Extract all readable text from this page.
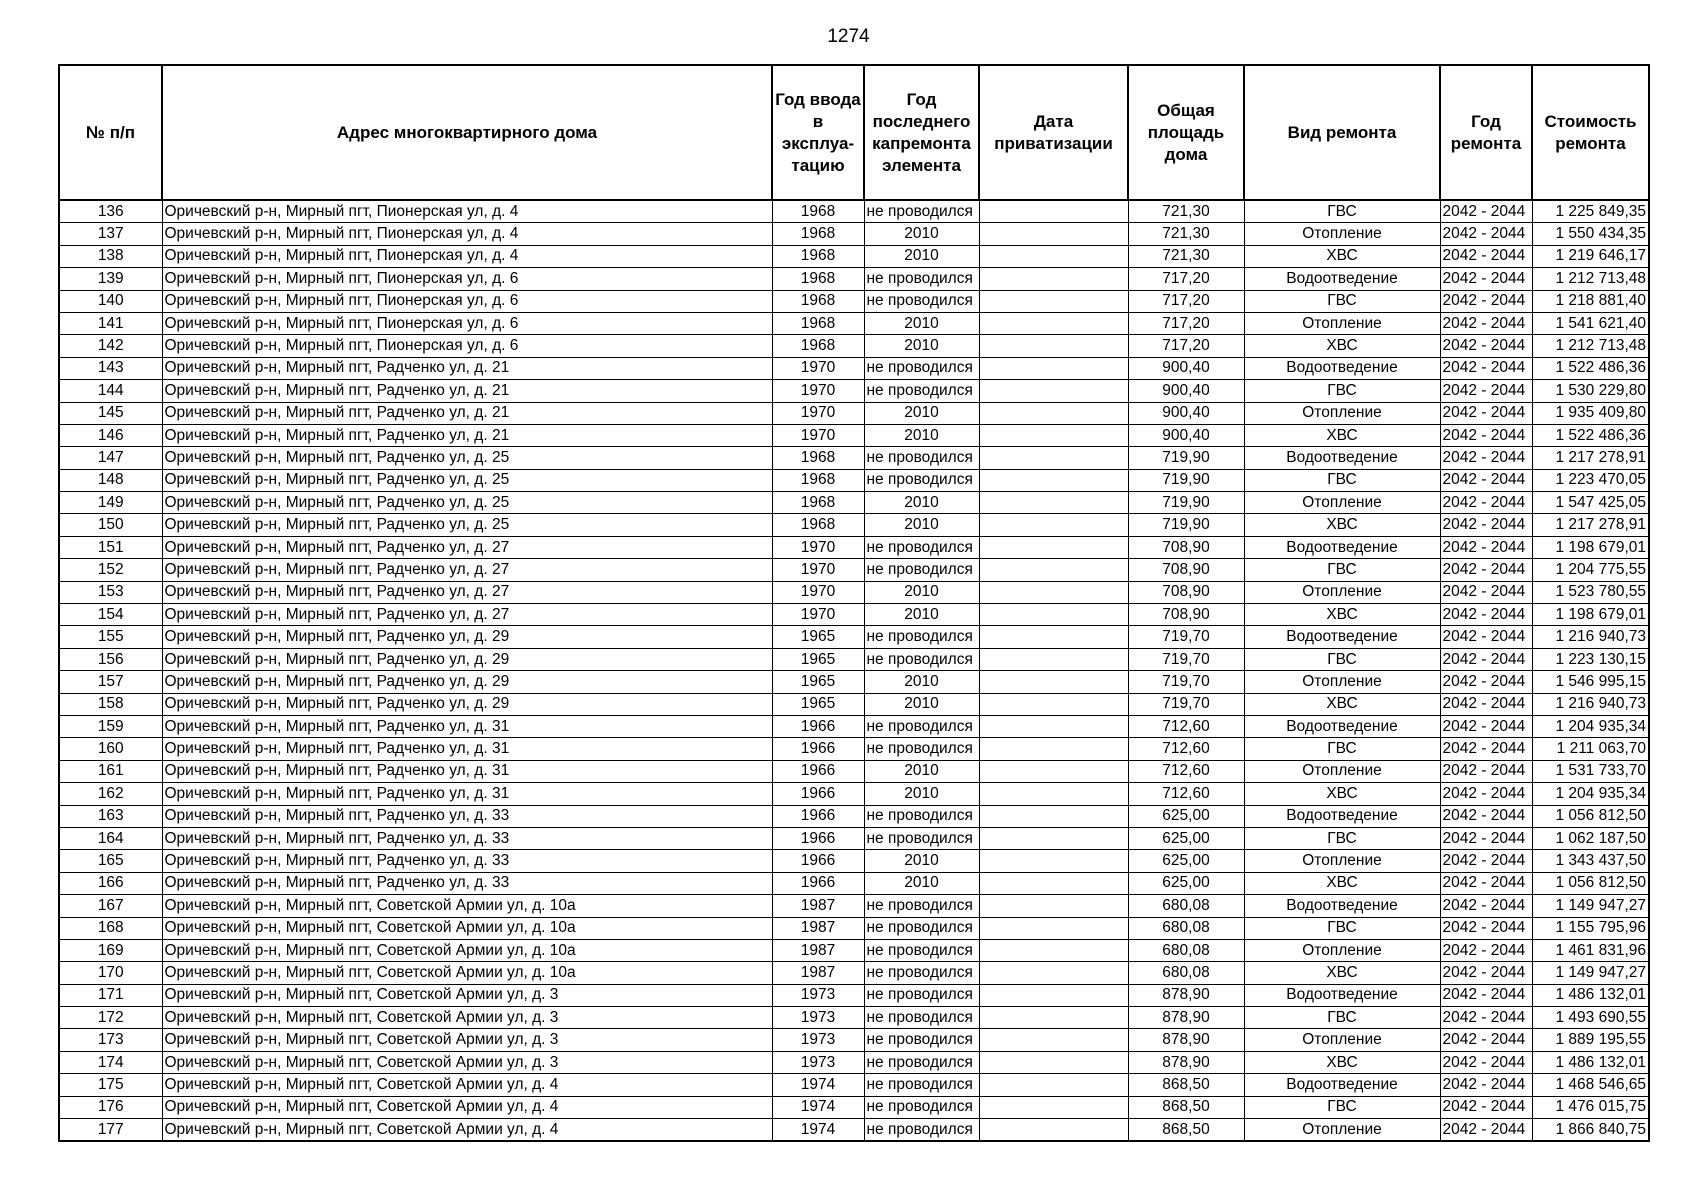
1274
№ п/п	Адрес многоквартирного дома	Год ввода в эксплуа-тацию	Год последнего капремонта элемента	Дата приватизации	Общая площадь дома	Вид ремонта	Год ремонта	Стоимость ремонта
136	Оричевский р-н, Мирный пгт, Пионерская ул, д. 4	1968	не проводился		721,30	ГВС	2042 - 2044	1 225 849,35
137	Оричевский р-н, Мирный пгт, Пионерская ул, д. 4	1968	2010		721,30	Отопление	2042 - 2044	1 550 434,35
138	Оричевский р-н, Мирный пгт, Пионерская ул, д. 4	1968	2010		721,30	ХВС	2042 - 2044	1 219 646,17
139	Оричевский р-н, Мирный пгт, Пионерская ул, д. 6	1968	не проводился		717,20	Водоотведение	2042 - 2044	1 212 713,48
140	Оричевский р-н, Мирный пгт, Пионерская ул, д. 6	1968	не проводился		717,20	ГВС	2042 - 2044	1 218 881,40
141	Оричевский р-н, Мирный пгт, Пионерская ул, д. 6	1968	2010		717,20	Отопление	2042 - 2044	1 541 621,40
142	Оричевский р-н, Мирный пгт, Пионерская ул, д. 6	1968	2010		717,20	ХВС	2042 - 2044	1 212 713,48
143	Оричевский р-н, Мирный пгт, Радченко ул, д. 21	1970	не проводился		900,40	Водоотведение	2042 - 2044	1 522 486,36
144	Оричевский р-н, Мирный пгт, Радченко ул, д. 21	1970	не проводился		900,40	ГВС	2042 - 2044	1 530 229,80
145	Оричевский р-н, Мирный пгт, Радченко ул, д. 21	1970	2010		900,40	Отопление	2042 - 2044	1 935 409,80
146	Оричевский р-н, Мирный пгт, Радченко ул, д. 21	1970	2010		900,40	ХВС	2042 - 2044	1 522 486,36
147	Оричевский р-н, Мирный пгт, Радченко ул, д. 25	1968	не проводился		719,90	Водоотведение	2042 - 2044	1 217 278,91
148	Оричевский р-н, Мирный пгт, Радченко ул, д. 25	1968	не проводился		719,90	ГВС	2042 - 2044	1 223 470,05
149	Оричевский р-н, Мирный пгт, Радченко ул, д. 25	1968	2010		719,90	Отопление	2042 - 2044	1 547 425,05
150	Оричевский р-н, Мирный пгт, Радченко ул, д. 25	1968	2010		719,90	ХВС	2042 - 2044	1 217 278,91
151	Оричевский р-н, Мирный пгт, Радченко ул, д. 27	1970	не проводился		708,90	Водоотведение	2042 - 2044	1 198 679,01
152	Оричевский р-н, Мирный пгт, Радченко ул, д. 27	1970	не проводился		708,90	ГВС	2042 - 2044	1 204 775,55
153	Оричевский р-н, Мирный пгт, Радченко ул, д. 27	1970	2010		708,90	Отопление	2042 - 2044	1 523 780,55
154	Оричевский р-н, Мирный пгт, Радченко ул, д. 27	1970	2010		708,90	ХВС	2042 - 2044	1 198 679,01
155	Оричевский р-н, Мирный пгт, Радченко ул, д. 29	1965	не проводился		719,70	Водоотведение	2042 - 2044	1 216 940,73
156	Оричевский р-н, Мирный пгт, Радченко ул, д. 29	1965	не проводился		719,70	ГВС	2042 - 2044	1 223 130,15
157	Оричевский р-н, Мирный пгт, Радченко ул, д. 29	1965	2010		719,70	Отопление	2042 - 2044	1 546 995,15
158	Оричевский р-н, Мирный пгт, Радченко ул, д. 29	1965	2010		719,70	ХВС	2042 - 2044	1 216 940,73
159	Оричевский р-н, Мирный пгт, Радченко ул, д. 31	1966	не проводился		712,60	Водоотведение	2042 - 2044	1 204 935,34
160	Оричевский р-н, Мирный пгт, Радченко ул, д. 31	1966	не проводился		712,60	ГВС	2042 - 2044	1 211 063,70
161	Оричевский р-н, Мирный пгт, Радченко ул, д. 31	1966	2010		712,60	Отопление	2042 - 2044	1 531 733,70
162	Оричевский р-н, Мирный пгт, Радченко ул, д. 31	1966	2010		712,60	ХВС	2042 - 2044	1 204 935,34
163	Оричевский р-н, Мирный пгт, Радченко ул, д. 33	1966	не проводился		625,00	Водоотведение	2042 - 2044	1 056 812,50
164	Оричевский р-н, Мирный пгт, Радченко ул, д. 33	1966	не проводился		625,00	ГВС	2042 - 2044	1 062 187,50
165	Оричевский р-н, Мирный пгт, Радченко ул, д. 33	1966	2010		625,00	Отопление	2042 - 2044	1 343 437,50
166	Оричевский р-н, Мирный пгт, Радченко ул, д. 33	1966	2010		625,00	ХВС	2042 - 2044	1 056 812,50
167	Оричевский р-н, Мирный пгт, Советской Армии ул, д. 10а	1987	не проводился		680,08	Водоотведение	2042 - 2044	1 149 947,27
168	Оричевский р-н, Мирный пгт, Советской Армии ул, д. 10а	1987	не проводился		680,08	ГВС	2042 - 2044	1 155 795,96
169	Оричевский р-н, Мирный пгт, Советской Армии ул, д. 10а	1987	не проводился		680,08	Отопление	2042 - 2044	1 461 831,96
170	Оричевский р-н, Мирный пгт, Советской Армии ул, д. 10а	1987	не проводился		680,08	ХВС	2042 - 2044	1 149 947,27
171	Оричевский р-н, Мирный пгт, Советской Армии ул, д. 3	1973	не проводился		878,90	Водоотведение	2042 - 2044	1 486 132,01
172	Оричевский р-н, Мирный пгт, Советской Армии ул, д. 3	1973	не проводился		878,90	ГВС	2042 - 2044	1 493 690,55
173	Оричевский р-н, Мирный пгт, Советской Армии ул, д. 3	1973	не проводился		878,90	Отопление	2042 - 2044	1 889 195,55
174	Оричевский р-н, Мирный пгт, Советской Армии ул, д. 3	1973	не проводился		878,90	ХВС	2042 - 2044	1 486 132,01
175	Оричевский р-н, Мирный пгт, Советской Армии ул, д. 4	1974	не проводился		868,50	Водоотведение	2042 - 2044	1 468 546,65
176	Оричевский р-н, Мирный пгт, Советской Армии ул, д. 4	1974	не проводился		868,50	ГВС	2042 - 2044	1 476 015,75
177	Оричевский р-н, Мирный пгт, Советской Армии ул, д. 4	1974	не проводился		868,50	Отопление	2042 - 2044	1 866 840,75
